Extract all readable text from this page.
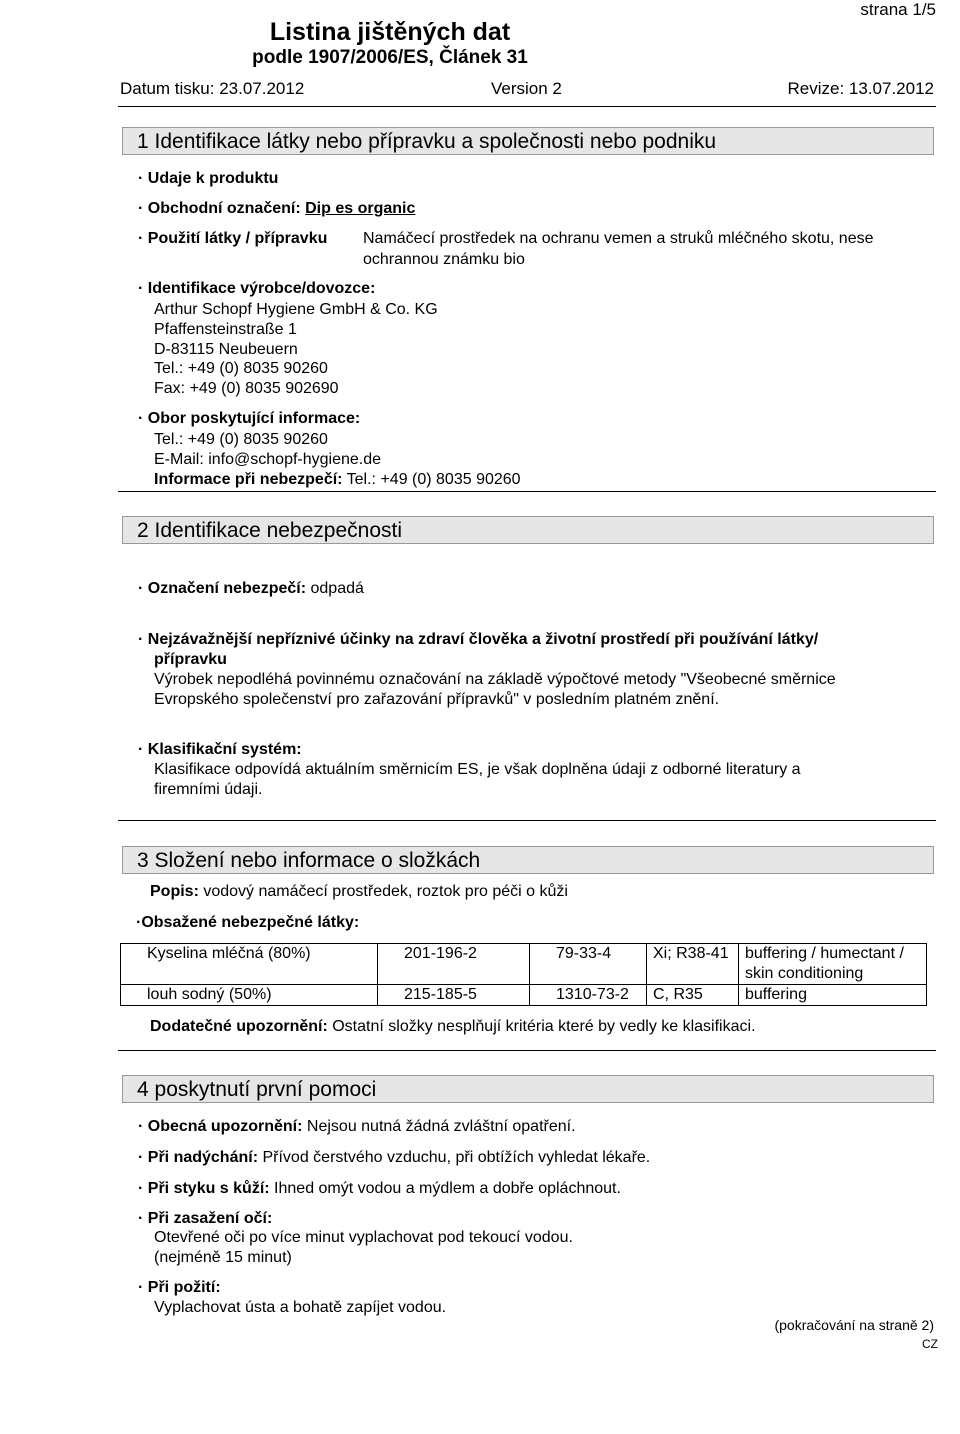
strana 1/5
Listina jištěných dat
podle 1907/2006/ES, Článek 31
Datum tisku: 23.07.2012	Version 2	Revize: 13.07.2012
1 Identifikace látky nebo přípravku a společnosti nebo podniku
· Udaje k produktu
· Obchodní označení: Dip es organic
· Použití látky / přípravku Namáčecí prostředek na ochranu vemen a struků mléčného skotu, nese
ochrannou známku bio
· Identifikace výrobce/dovozce:
Arthur Schopf Hygiene GmbH & Co. KG
Pfaffensteinstraße 1
D-83115 Neubeuern
Tel.: +49 (0) 8035 90260
Fax: +49 (0) 8035 902690
· Obor poskytující informace:
Tel.: +49 (0) 8035 90260
E-Mail: info@schopf-hygiene.de
Informace při nebezpečí: Tel.: +49 (0) 8035 90260
2 Identifikace nebezpečnosti
· Označení nebezpečí: odpadá
· Nejzávažnější nepříznivé účinky na zdraví člověka a životní prostředí při používání látky/
přípravku
Výrobek nepodléhá povinnému označování na základě výpočtové metody "Všeobecné směrnice
Evropského společenství pro zařazování přípravků" v posledním platném znění.
· Klasifikační systém:
Klasifikace odpovídá aktuálním směrnicím ES, je však doplněna údaji z odborné literatury a
firemními údaji.
3 Složení nebo informace o složkách
Popis: vodový namáčecí prostředek, roztok pro péči o kůži
·Obsažené nebezpečné látky:
Kyselina mléčná (80%)	201-196-2	79-33-4	Xi; R38-41	buffering / humectant /
skin conditioning

louh sodný (50%)	215-185-5	1310-73-2	C, R35	buffering
Dodatečné upozornění: Ostatní složky nesplňují kritéria které by vedly ke klasifikaci.
4 poskytnutí první pomoci
· Obecná upozornění: Nejsou nutná žádná zvláštní opatření.
· Při nadýchání: Přívod čerstvého vzduchu, při obtížích vyhledat lékaře.
· Při styku s kůží: Ihned omýt vodou a mýdlem a dobře opláchnout.
· Při zasažení očí:
Otevřené oči po více minut vyplachovat pod tekoucí vodou.
(nejméně 15 minut)
· Při požití:
Vyplachovat ústa a bohatě zapíjet vodou.
(pokračování na straně 2)
CZ
